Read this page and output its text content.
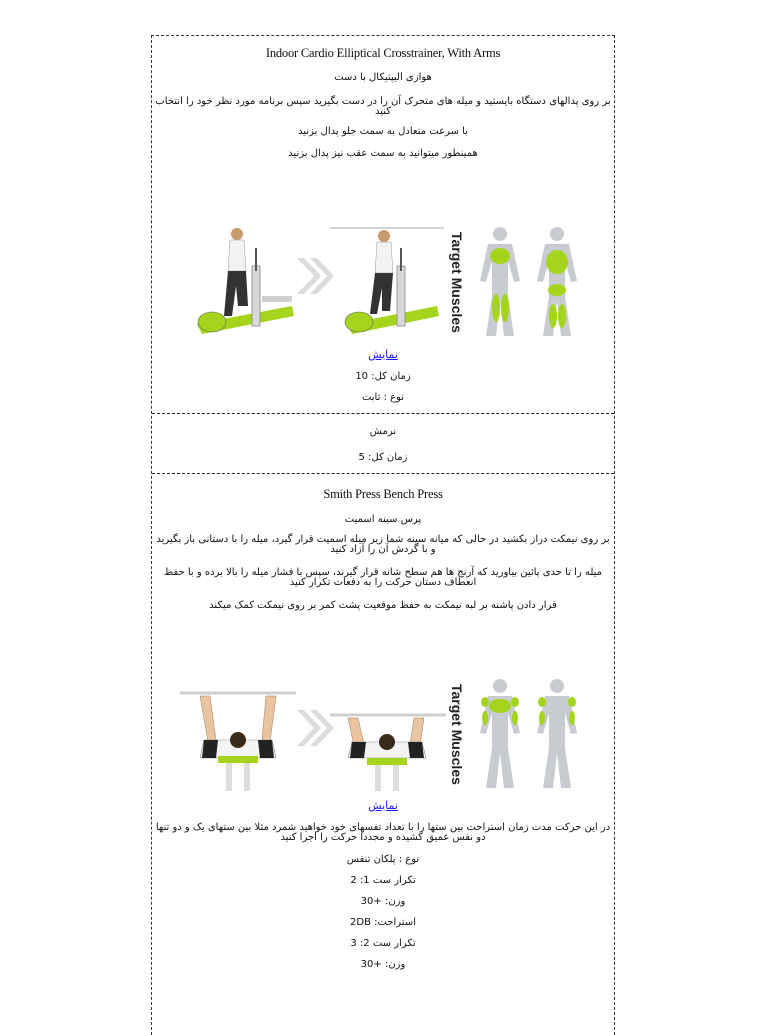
Indoor Cardio Elliptical Crosstrainer, With Arms
هوازی الیپتیکال با دست
بر روی پدالهای دستگاه بایستید و میله های متحرک آن را در دست بگیرید سپس برنامه مورد نظر خود را انتخاب کنید
با سرعت متعادل به سمت جلو پدال بزنید
همینطور میتوانید به سمت عقب نیز پدال بزنید
Target Muscles
نمایش
زمان کل: 10
نوع : ثابت
نرمش
زمان کل: 5
Smith Press Bench Press
پرس سینه اسمیت
بر روی نیمکت دراز بکشید در حالی که میانه سینه شما زیر میله اسمیت قرار گیرد، میله را با دستانی باز بگیرید و با گردش آن را آزاد کنید
میله را تا حدی پائین بیاورید که آرنج ها هم سطح شانه قرار گیرند، سپس با فشار میله را بالا برده و با حفظ انعطاف دستان حرکت را به دفعات تکرار کنید
قرار دادن پاشنه بر لبه نیمکت به حفظ موقعیت پشت کمر بر روی نیمکت کمک میکند
Target Muscles
نمایش
در این حرکت مدت زمان استراحت بین ستها را با تعداد تفسهای خود خواهید شمرد مثلا بین ستهای یک و دو تنها دو نفس عمیق کشیده و مجددا حرکت را اجرا کنید
نوع : پلکان تنفس
تکرار ست 1: 2
وزن: +30
استراحت: 2DB
تکرار ست 2: 3
وزن: +30
